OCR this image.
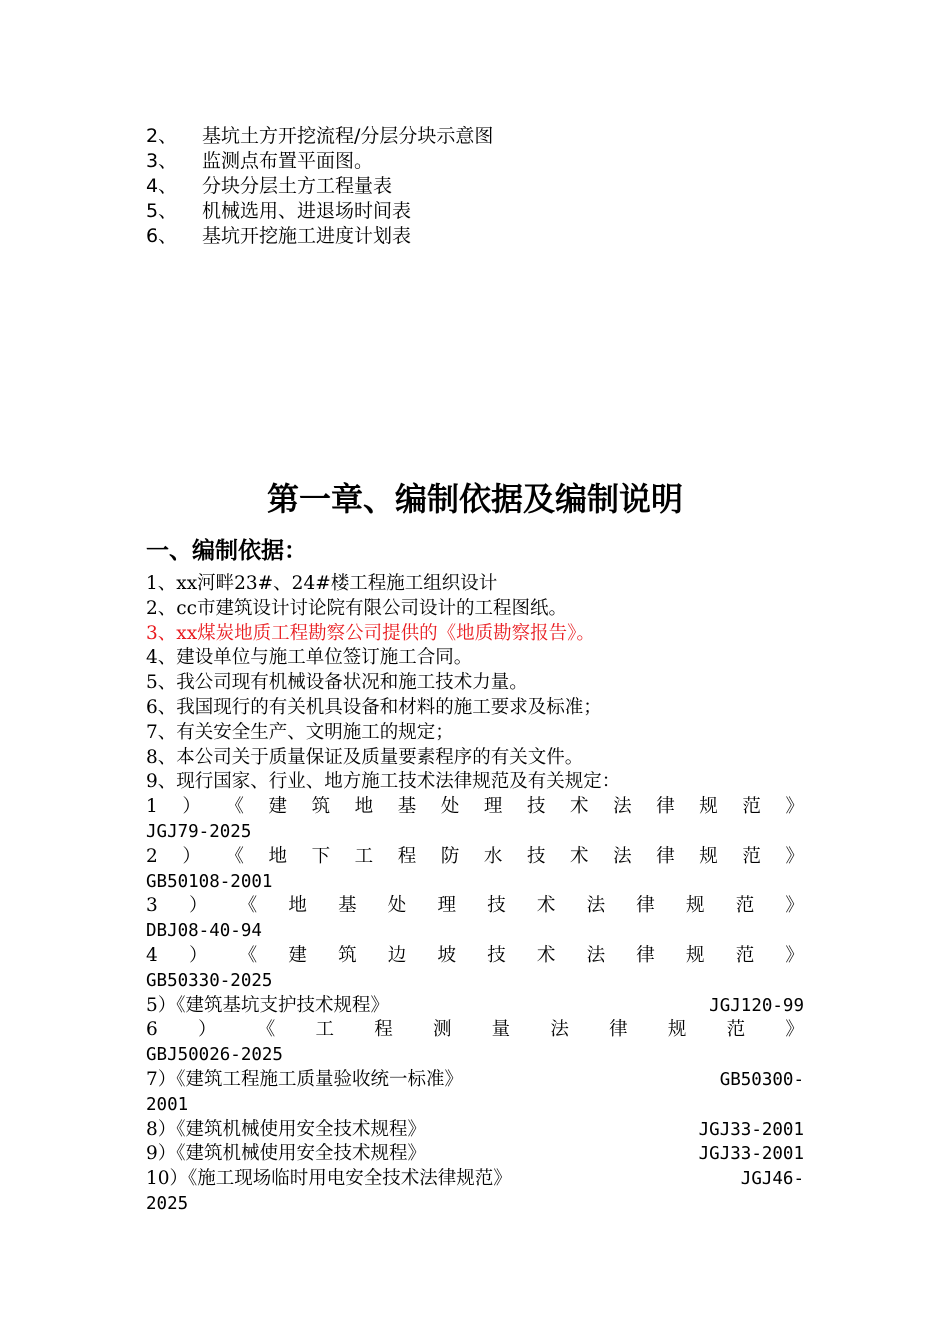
2、	基坑土方开挖流程/分层分块示意图
3、	监测点布置平面图。
4、	分块分层土方工程量表
5、	机械选用、进退场时间表
6、	基坑开挖施工进度计划表
第一章、编制依据及编制说明
一、编制依据：
1、xx河畔23#、24#楼工程施工组织设计
2、cc市建筑设计讨论院有限公司设计的工程图纸。
3、xx煤炭地质工程勘察公司提供的《地质勘察报告》。
4、建设单位与施工单位签订施工合同。
5、我公司现有机械设备状况和施工技术力量。
6、我国现行的有关机具设备和材料的施工要求及标准；
7、有关安全生产、文明施工的规定；
8、本公司关于质量保证及质量要素程序的有关文件。
9、现行国家、行业、地方施工技术法律规范及有关规定：
1 ） 《 建 筑 地 基 处 理 技 术 法 律 规 范 》
JGJ79-2025
2 ） 《 地 下 工 程 防 水 技 术 法 律 规 范 》
GB50108-2001
3 ） 《 地 基 处 理 技 术 法 律 规 范 》
DBJ08-40-94
4 ） 《 建 筑 边 坡 技 术 法 律 规 范 》
GB50330-2025
5）《建筑基坑支护技术规程》	JGJ120-99
6 ） 《 工 程 测 量 法 律 规 范 》
GBJ50026-2025
7）《建筑工程施工质量验收统一标准》	GB50300-
2001
8）《建筑机械使用安全技术规程》	JGJ33-2001
9）《建筑机械使用安全技术规程》	JGJ33-2001
10）《施工现场临时用电安全技术法律规范》	JGJ46-
2025
